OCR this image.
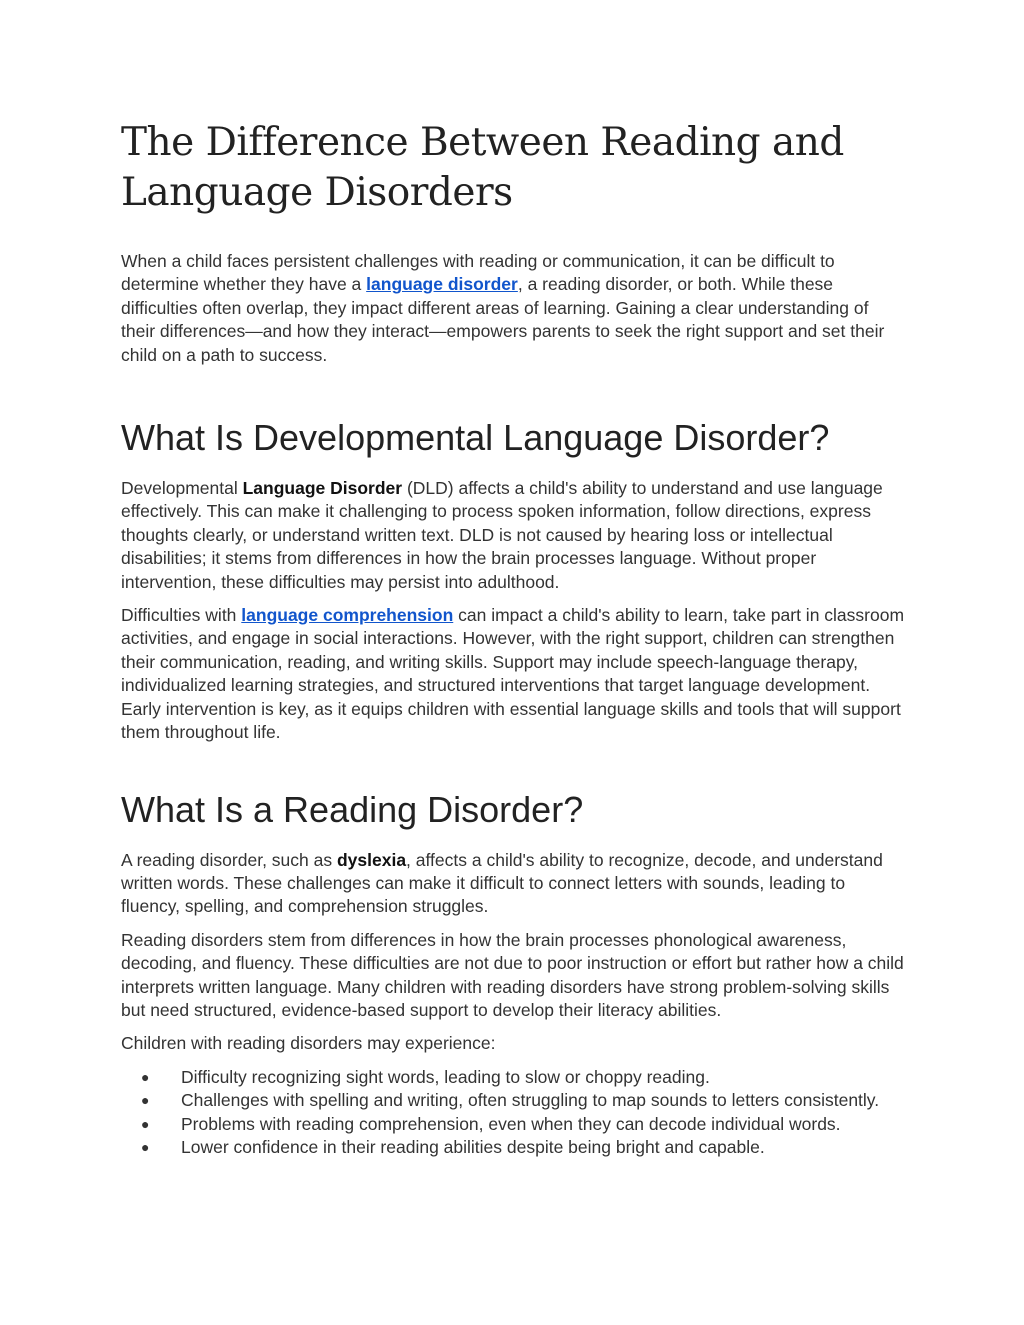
The Difference Between Reading and Language Disorders

When a child faces persistent challenges with reading or communication, it can be difficult to determine whether they have a language disorder, a reading disorder, or both. While these difficulties often overlap, they impact different areas of learning. Gaining a clear understanding of their differences—and how they interact—empowers parents to seek the right support and set their child on a path to success.

What Is Developmental Language Disorder?

Developmental Language Disorder (DLD) affects a child's ability to understand and use language effectively. This can make it challenging to process spoken information, follow directions, express thoughts clearly, or understand written text. DLD is not caused by hearing loss or intellectual disabilities; it stems from differences in how the brain processes language. Without proper intervention, these difficulties may persist into adulthood.

Difficulties with language comprehension can impact a child's ability to learn, take part in classroom activities, and engage in social interactions. However, with the right support, children can strengthen their communication, reading, and writing skills. Support may include speech-language therapy, individualized learning strategies, and structured interventions that target language development. Early intervention is key, as it equips children with essential language skills and tools that will support them throughout life.

What Is a Reading Disorder?

A reading disorder, such as dyslexia, affects a child's ability to recognize, decode, and understand written words. These challenges can make it difficult to connect letters with sounds, leading to fluency, spelling, and comprehension struggles.

Reading disorders stem from differences in how the brain processes phonological awareness, decoding, and fluency. These difficulties are not due to poor instruction or effort but rather how a child interprets written language. Many children with reading disorders have strong problem-solving skills but need structured, evidence-based support to develop their literacy abilities.

Children with reading disorders may experience:

● Difficulty recognizing sight words, leading to slow or choppy reading.
● Challenges with spelling and writing, often struggling to map sounds to letters consistently.
● Problems with reading comprehension, even when they can decode individual words.
● Lower confidence in their reading abilities despite being bright and capable.
